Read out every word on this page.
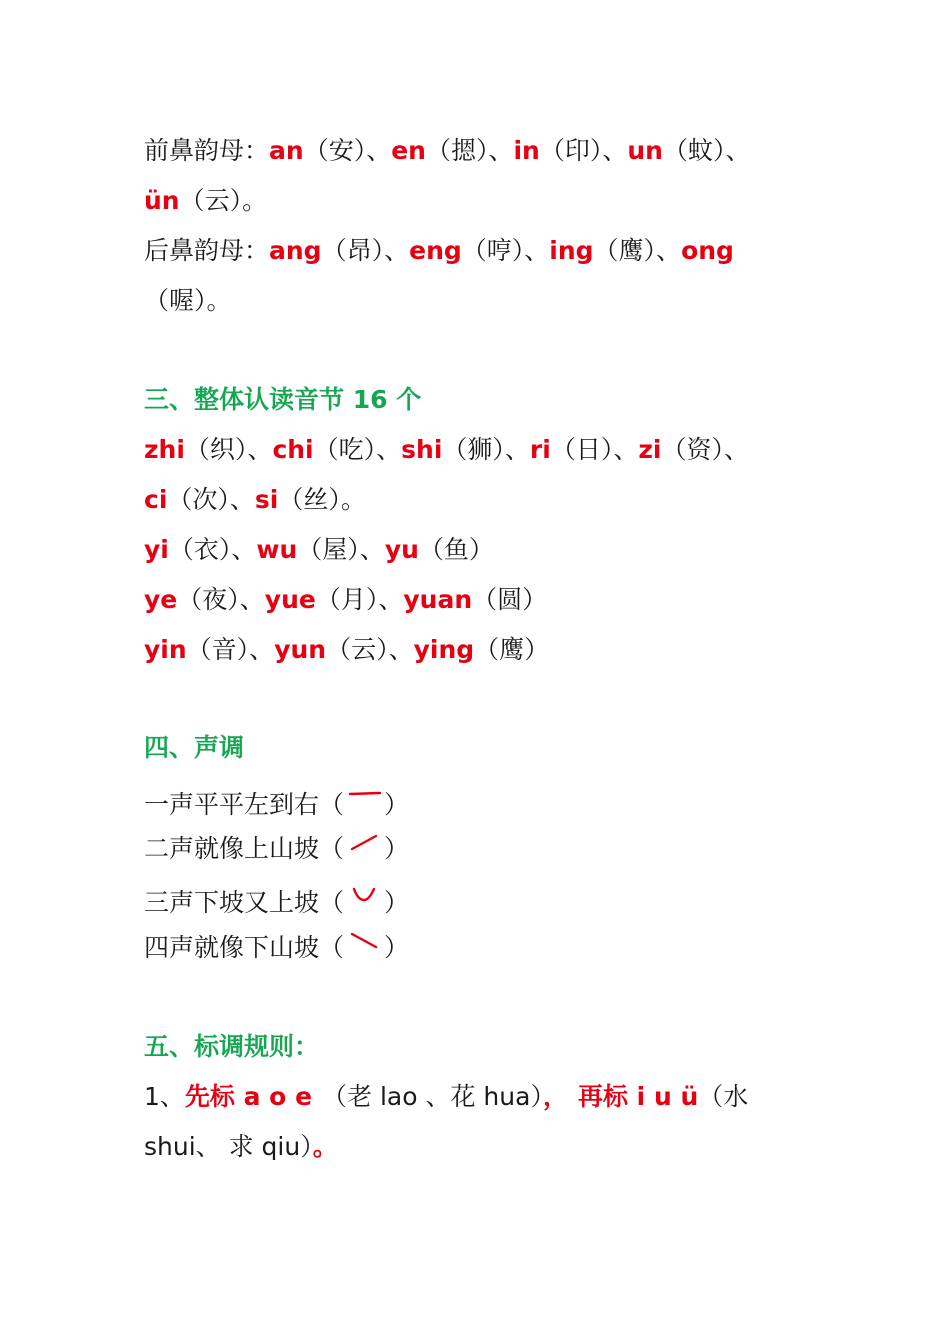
前鼻韵母：an（安）、en（摁）、in（印）、un（蚊）、
ün（云）。
后鼻韵母：ang（昂）、eng（哼）、ing（鹰）、ong
（喔）。
三、整体认读音节 16 个
zhi（织）、chi（吃）、shi（狮）、ri（日）、zi（资）、
ci（次）、si（丝）。
yi（衣）、wu（屋）、yu（鱼）
ye（夜）、yue（月）、yuan（圆）
yin（音）、yun（云）、ying（鹰）
四、声调
一声平平左到右（ ）
二声就像上山坡（ ）
三声下坡又上坡（ ）
四声就像下山坡（ ）
五、标调规则：
1、先标 a o e （老 lao 、花 hua）， 再标 i u ü（水
shui、 求 qiu）。
